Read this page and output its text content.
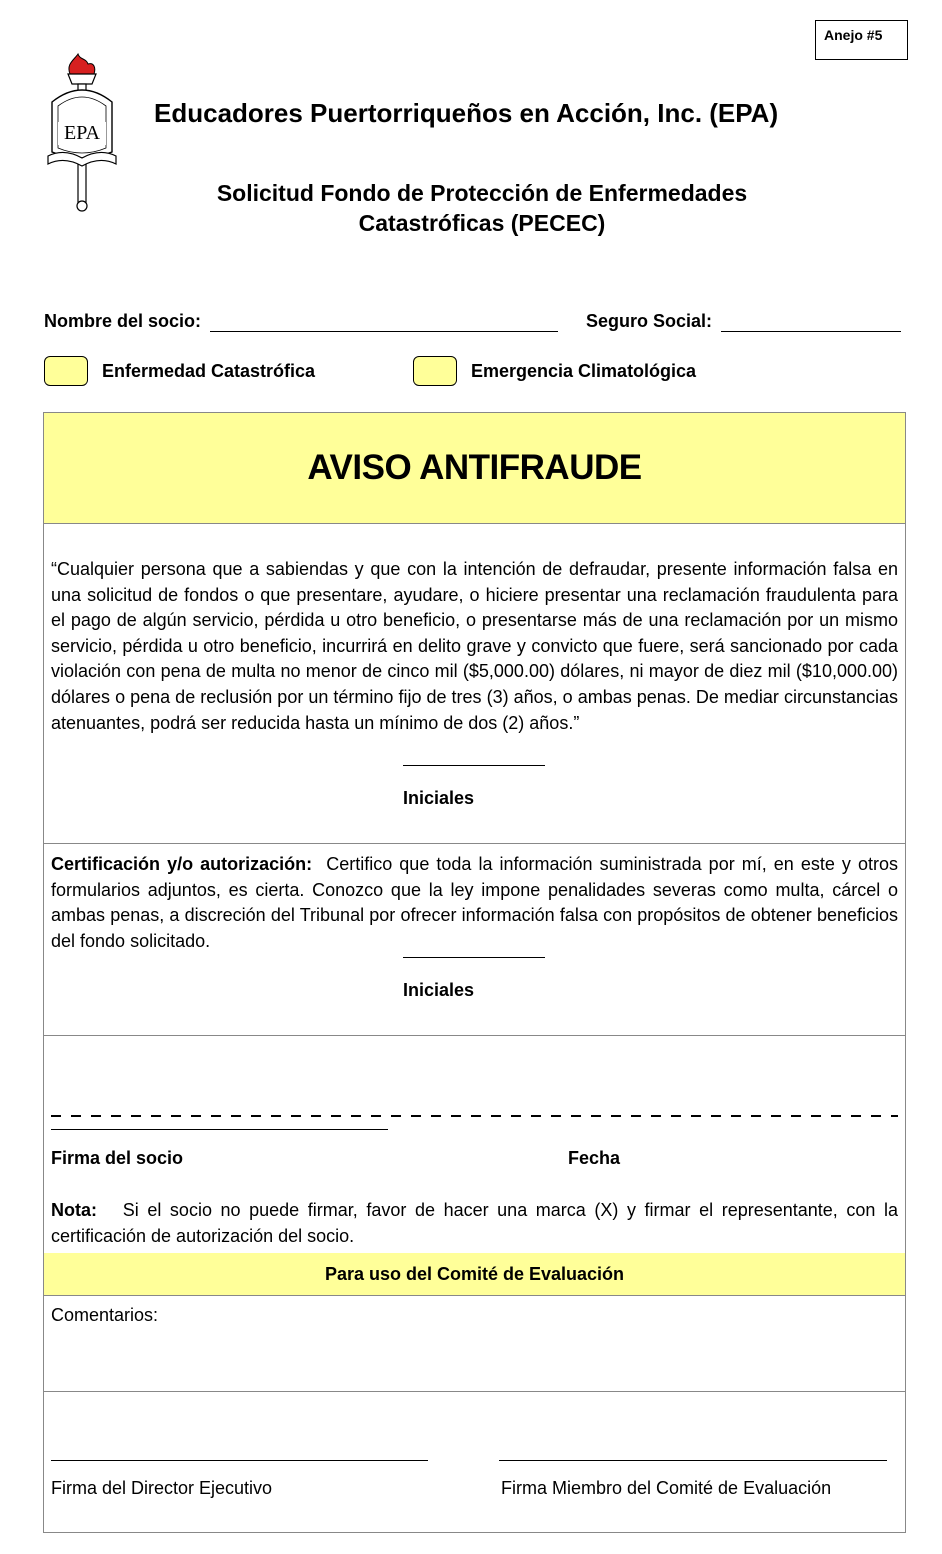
Anejo #5
EPA
Educadores Puertorriqueños en Acción, Inc. (EPA)
Solicitud Fondo de Protección de Enfermedades
Catastróficas (PECEC)
Nombre del socio:	Seguro Social:
Enfermedad Catastrófica	Emergencia Climatológica
AVISO ANTIFRAUDE
“Cualquier persona que a sabiendas y que con la intención de defraudar, presente información falsa en una solicitud de fondos o que presentare, ayudare, o hiciere presentar una reclamación fraudulenta para el pago de algún servicio, pérdida u otro beneficio, o presentarse más de una reclamación por un mismo servicio, pérdida u otro beneficio, incurrirá en delito grave y convicto que fuere, será sancionado por cada violación con pena de multa no menor de cinco mil ($5,000.00) dólares, ni mayor de diez mil ($10,000.00) dólares o pena de reclusión por un término fijo de tres (3) años, o ambas penas. De mediar circunstancias atenuantes, podrá ser reducida hasta un mínimo de dos (2) años.”
Iniciales
Certificación y/o autorización: Certifico que toda la información suministrada por mí, en este y otros formularios adjuntos, es cierta. Conozco que la ley impone penalidades severas como multa, cárcel o ambas penas, a discreción del Tribunal por ofrecer información falsa con propósitos de obtener beneficios del fondo solicitado.
Iniciales
Firma del socio	Fecha
Nota: Si el socio no puede firmar, favor de hacer una marca (X) y firmar el representante, con la certificación de autorización del socio.
Para uso del Comité de Evaluación
Comentarios:
Firma del Director Ejecutivo	Firma Miembro del Comité de Evaluación
